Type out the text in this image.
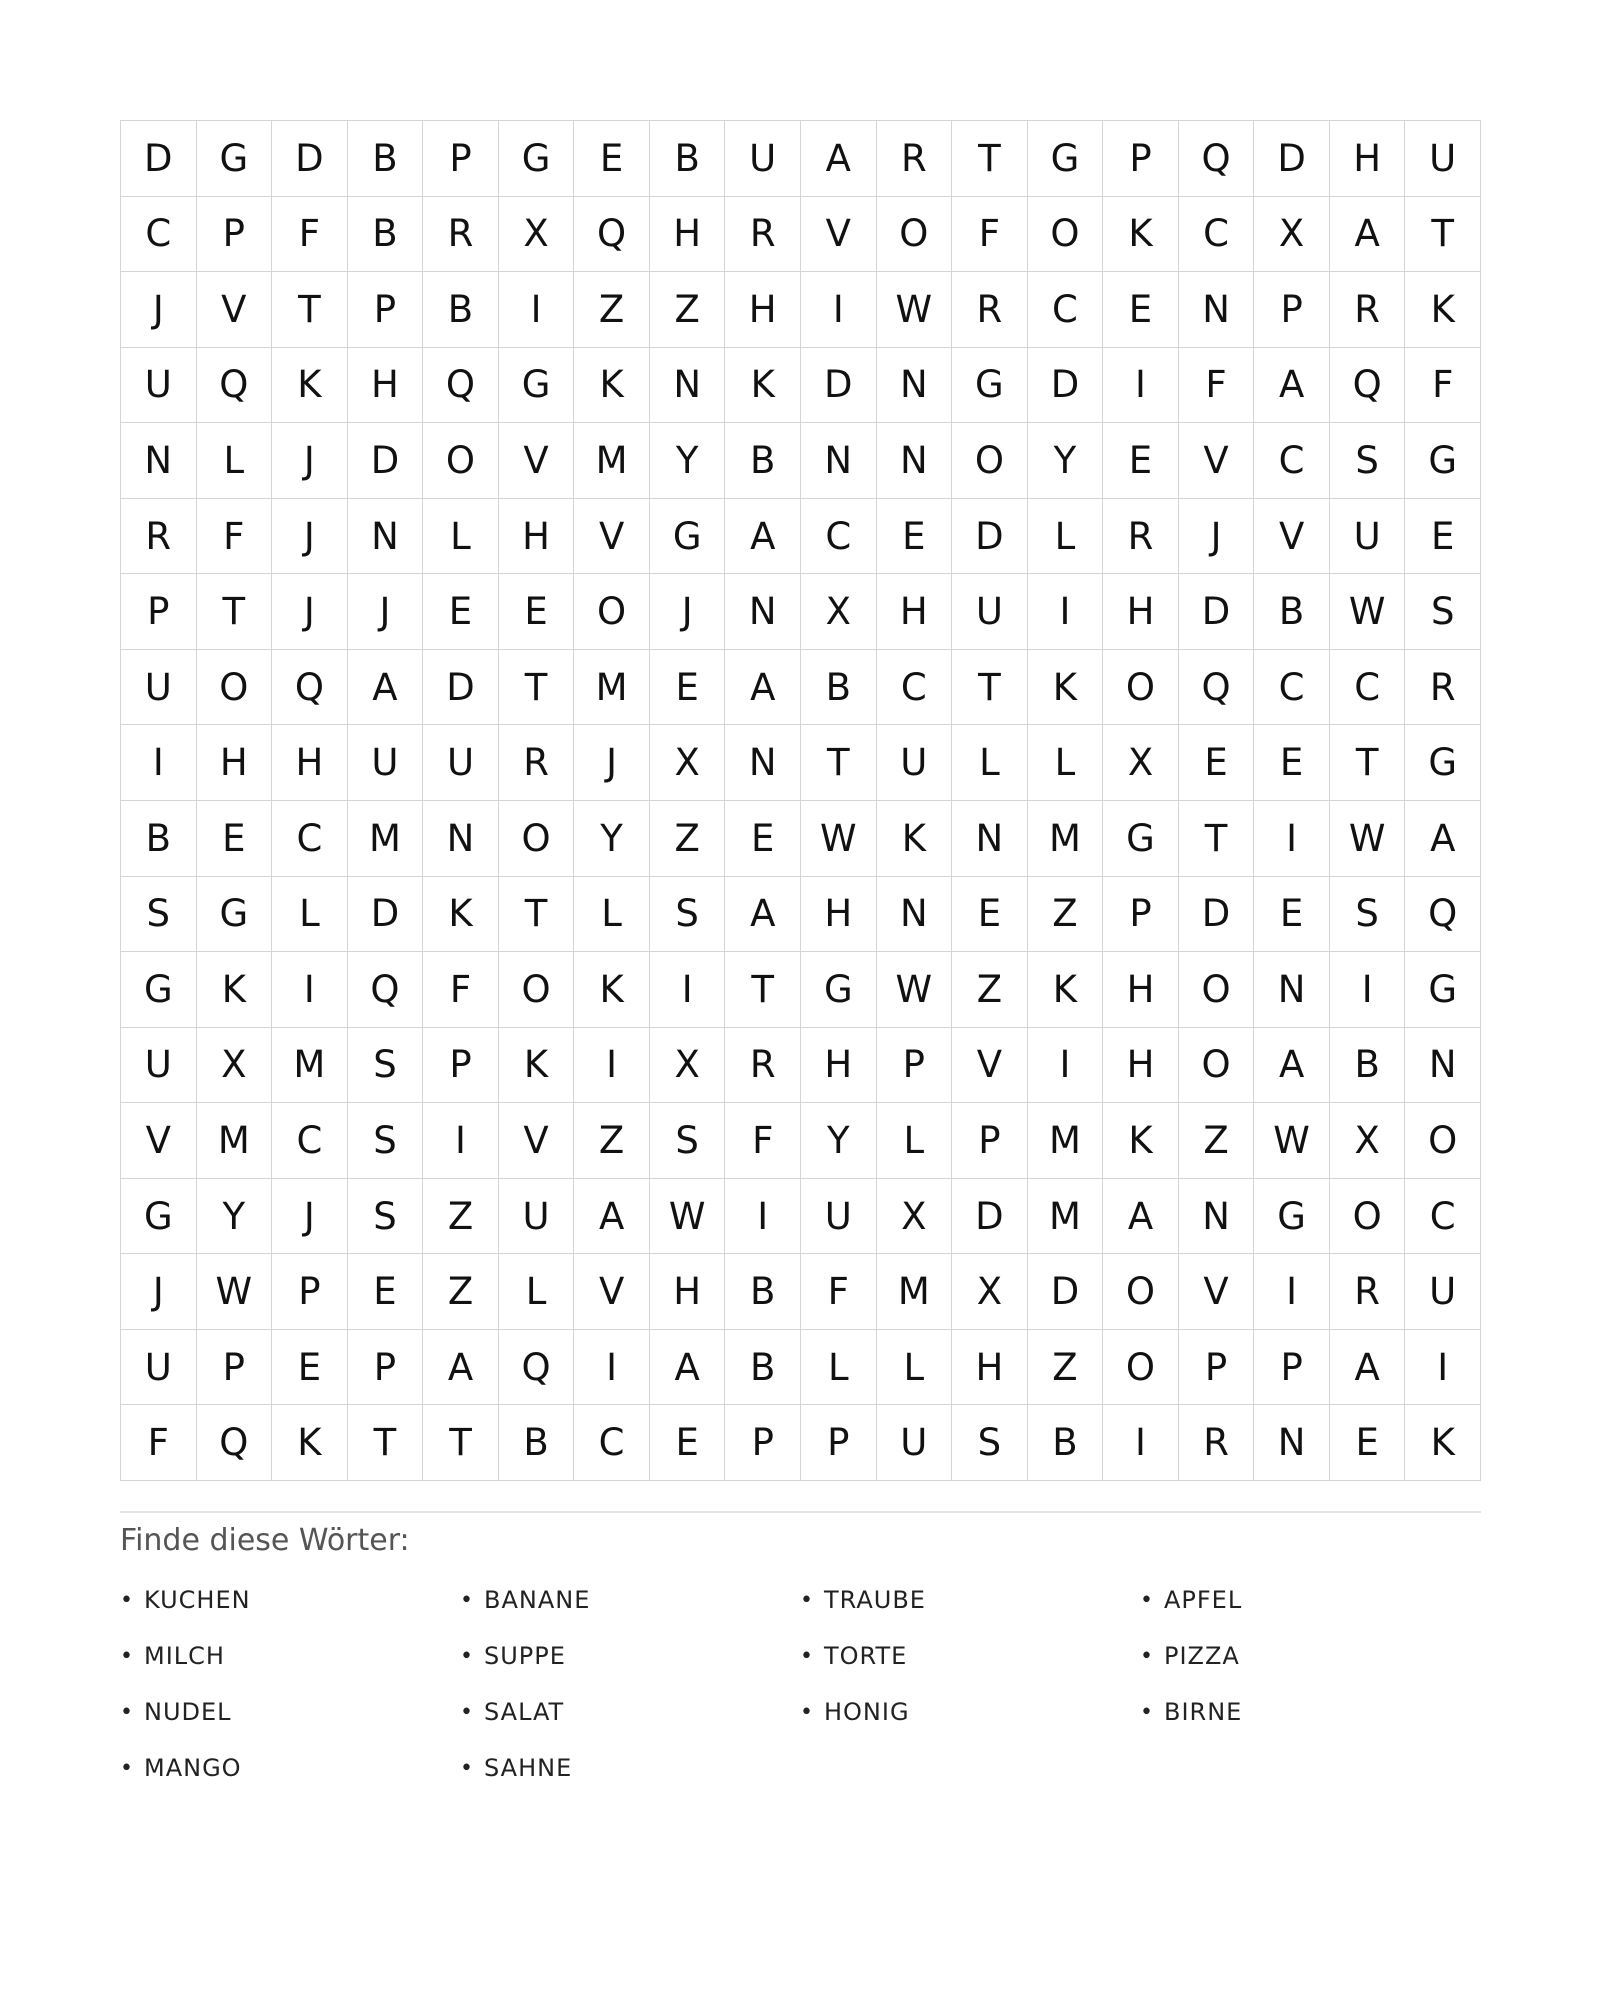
D	G	D	B	P	G	E	B	U	A	R	T	G	P	Q	D	H	U
C	P	F	B	R	X	Q	H	R	V	O	F	O	K	C	X	A	T
J	V	T	P	B	I	Z	Z	H	I	W	R	C	E	N	P	R	K
U	Q	K	H	Q	G	K	N	K	D	N	G	D	I	F	A	Q	F
N	L	J	D	O	V	M	Y	B	N	N	O	Y	E	V	C	S	G
R	F	J	N	L	H	V	G	A	C	E	D	L	R	J	V	U	E
P	T	J	J	E	E	O	J	N	X	H	U	I	H	D	B	W	S
U	O	Q	A	D	T	M	E	A	B	C	T	K	O	Q	C	C	R
I	H	H	U	U	R	J	X	N	T	U	L	L	X	E	E	T	G
B	E	C	M	N	O	Y	Z	E	W	K	N	M	G	T	I	W	A
S	G	L	D	K	T	L	S	A	H	N	E	Z	P	D	E	S	Q
G	K	I	Q	F	O	K	I	T	G	W	Z	K	H	O	N	I	G
U	X	M	S	P	K	I	X	R	H	P	V	I	H	O	A	B	N
V	M	C	S	I	V	Z	S	F	Y	L	P	M	K	Z	W	X	O
G	Y	J	S	Z	U	A	W	I	U	X	D	M	A	N	G	O	C
J	W	P	E	Z	L	V	H	B	F	M	X	D	O	V	I	R	U
U	P	E	P	A	Q	I	A	B	L	L	H	Z	O	P	P	A	I
F	Q	K	T	T	B	C	E	P	P	U	S	B	I	R	N	E	K
Finde diese Wörter:
• KUCHEN	• BANANE	• TRAUBE	• APFEL
• MILCH	• SUPPE	• TORTE	• PIZZA
• NUDEL	• SALAT	• HONIG	• BIRNE
• MANGO	• SAHNE
